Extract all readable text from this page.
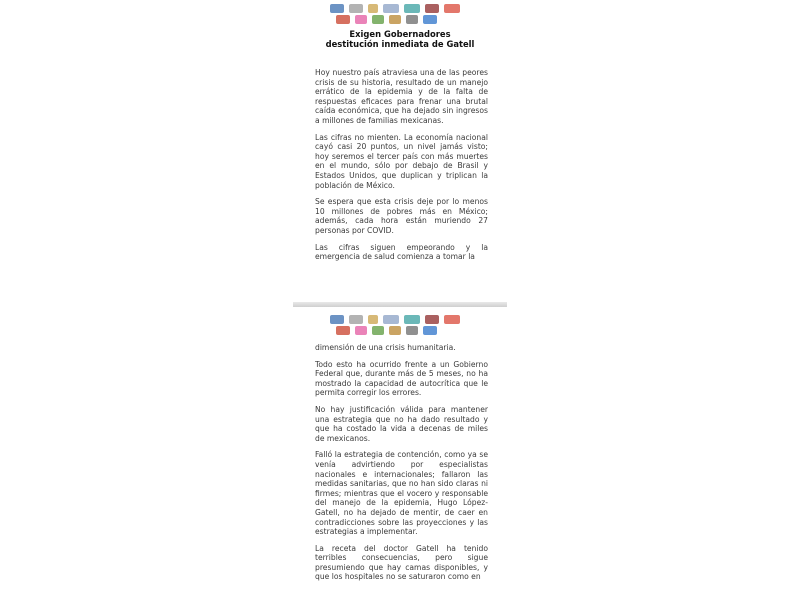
Exigen Gobernadores destitución inmediata de Gatell

Hoy nuestro país atraviesa una de las peores crisis de su historia, resultado de un manejo errático de la epidemia y de la falta de respuestas eficaces para frenar una brutal caída económica, que ha dejado sin ingresos a millones de familias mexicanas.

Las cifras no mienten. La economía nacional cayó casi 20 puntos, un nivel jamás visto; hoy seremos el tercer país con más muertes en el mundo, sólo por debajo de Brasil y Estados Unidos, que duplican y triplican la población de México.

Se espera que esta crisis deje por lo menos 10 millones de pobres más en México; además, cada hora están muriendo 27 personas por COVID.

Las cifras siguen empeorando y la emergencia de salud comienza a tomar la

dimensión de una crisis humanitaria.

Todo esto ha ocurrido frente a un Gobierno Federal que, durante más de 5 meses, no ha mostrado la capacidad de autocrítica que le permita corregir los errores.

No hay justificación válida para mantener una estrategia que no ha dado resultado y que ha costado la vida a decenas de miles de mexicanos.

Falló la estrategia de contención, como ya se venía advirtiendo por especialistas nacionales e internacionales; fallaron las medidas sanitarias, que no han sido claras ni firmes; mientras que el vocero y responsable del manejo de la epidemia, Hugo López-Gatell, no ha dejado de mentir, de caer en contradicciones sobre las proyecciones y las estrategias a implementar.

La receta del doctor Gatell ha tenido terribles consecuencias, pero sigue presumiendo que hay camas disponibles, y que los hospitales no se saturaron como en
